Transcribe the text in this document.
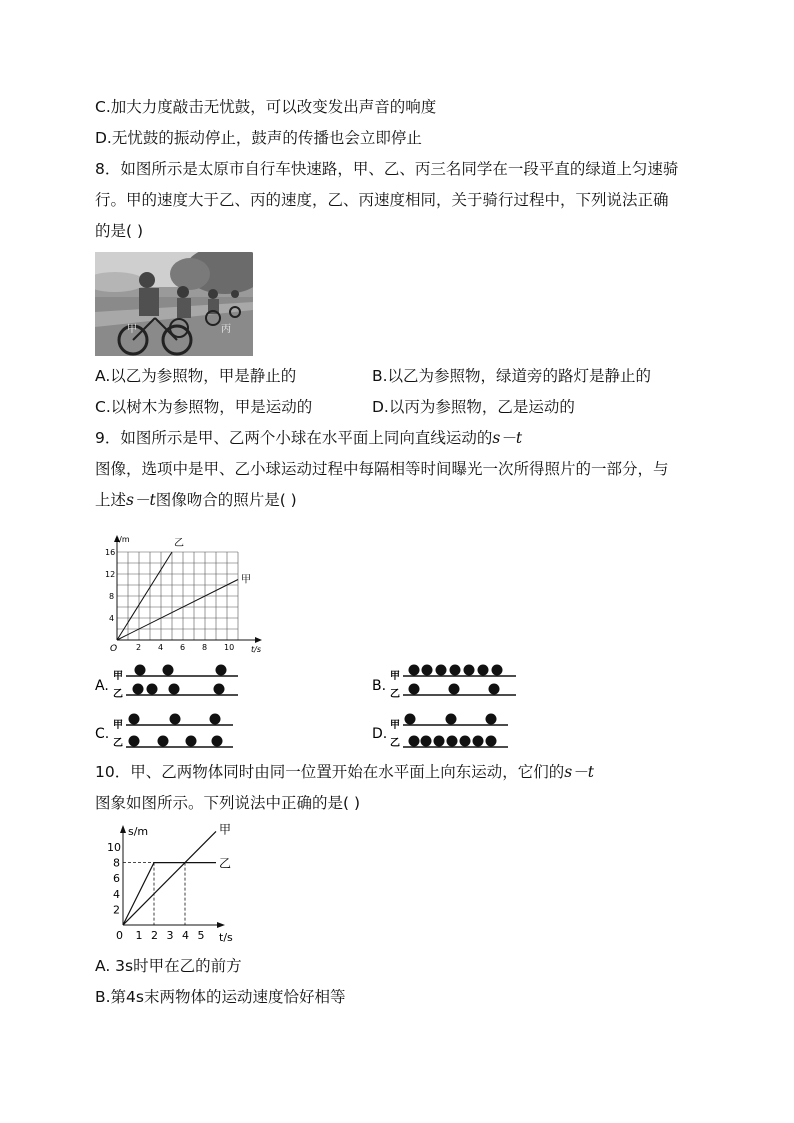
C.加大力度敲击无忧鼓，可以改变发出声音的响度
D.无忧鼓的振动停止，鼓声的传播也会立即停止
8．如图所示是太原市自行车快速路，甲、乙、丙三名同学在一段平直的绿道上匀速骑
行。甲的速度大于乙、丙的速度，乙、丙速度相同，关于骑行过程中，下列说法正确
的是( )
甲	丙
A.以乙为参照物，甲是静止的	B.以乙为参照物，绿道旁的路灯是静止的
C.以树木为参照物，甲是运动的	D.以丙为参照物，乙是运动的
9．如图所示是甲、乙两个小球在水平面上同向直线运动的s－t
图像，选项中是甲、乙小球运动过程中每隔相等时间曝光一次所得照片的一部分，与
上述s－t图像吻合的照片是( )
s/m
t/s
O 2 4 6 8 10
4
8
12
16
乙
甲
A.
甲
乙
B.
甲
乙
C.
甲
乙
D.
甲
乙
10．甲、乙两物体同时由同一位置开始在水平面上向东运动，它们的s－t
图象如图所示。下列说法中正确的是( )
s/m
t/s
0 1 2 3 4 5
2
4
6
8
10
甲
乙
A. 3s时甲在乙的前方
B.第4s末两物体的运动速度恰好相等
